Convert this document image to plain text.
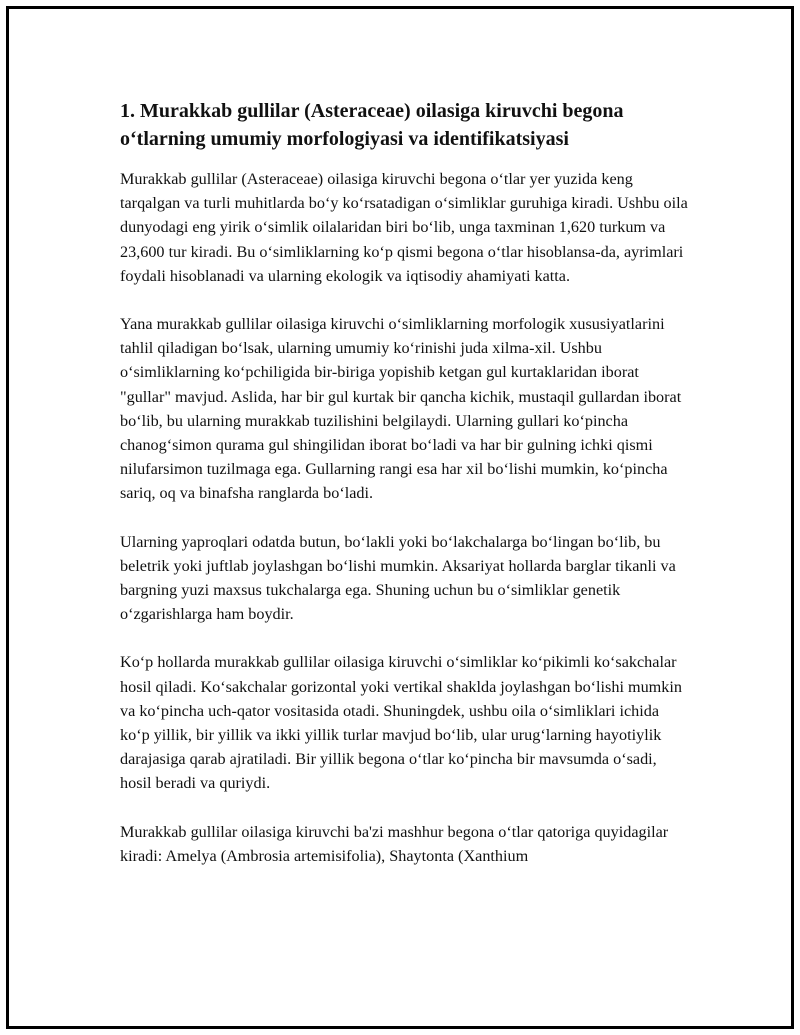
1. Murakkab gullilar (Asteraceae) oilasiga kiruvchi begona o‘tlarning umumiy morfologiyasi va identifikatsiyasi

Murakkab gullilar (Asteraceae) oilasiga kiruvchi begona o‘tlar yer yuzida keng tarqalgan va turli muhitlarda bo‘y ko‘rsatadigan o‘simliklar guruhiga kiradi. Ushbu oila dunyodagi eng yirik o‘simlik oilalaridan biri bo‘lib, unga taxminan 1,620 turkum va 23,600 tur kiradi. Bu o‘simliklarning ko‘p qismi begona o‘tlar hisoblansa-da, ayrimlari foydali hisoblanadi va ularning ekologik va iqtisodiy ahamiyati katta.

Yana murakkab gullilar oilasiga kiruvchi o‘simliklarning morfologik xususiyatlarini tahlil qiladigan bo‘lsak, ularning umumiy ko‘rinishi juda xilma-xil. Ushbu o‘simliklarning ko‘pchiligida bir-biriga yopishib ketgan gul kurtaklaridan iborat "gullar" mavjud. Aslida, har bir gul kurtak bir qancha kichik, mustaqil gullardan iborat bo‘lib, bu ularning murakkab tuzilishini belgilaydi. Ularning gullari ko‘pincha chanog‘simon qurama gul shingilidan iborat bo‘ladi va har bir gulning ichki qismi nilufarsimon tuzilmaga ega. Gullarning rangi esa har xil bo‘lishi mumkin, ko‘pincha sariq, oq va binafsha ranglarda bo‘ladi.

Ularning yaproqlari odatda butun, bo‘lakli yoki bo‘lakchalarga bo‘lingan bo‘lib, bu beletrik yoki juftlab joylashgan bo‘lishi mumkin. Aksariyat hollarda barglar tikanli va bargning yuzi maxsus tukchalarga ega. Shuning uchun bu o‘simliklar genetik o‘zgarishlarga ham boydir.

Ko‘p hollarda murakkab gullilar oilasiga kiruvchi o‘simliklar ko‘pikimli ko‘sakchalar hosil qiladi. Ko‘sakchalar gorizontal yoki vertikal shaklda joylashgan bo‘lishi mumkin va ko‘pincha uch-qator vositasida otadi. Shuningdek, ushbu oila o‘simliklari ichida ko‘p yillik, bir yillik va ikki yillik turlar mavjud bo‘lib, ular urug‘larning hayotiylik darajasiga qarab ajratiladi. Bir yillik begona o‘tlar ko‘pincha bir mavsumda o‘sadi, hosil beradi va quriydi.

Murakkab gullilar oilasiga kiruvchi ba'zi mashhur begona o‘tlar qatoriga quyidagilar kiradi: Amelya (Ambrosia artemisifolia), Shaytonta (Xanthium
